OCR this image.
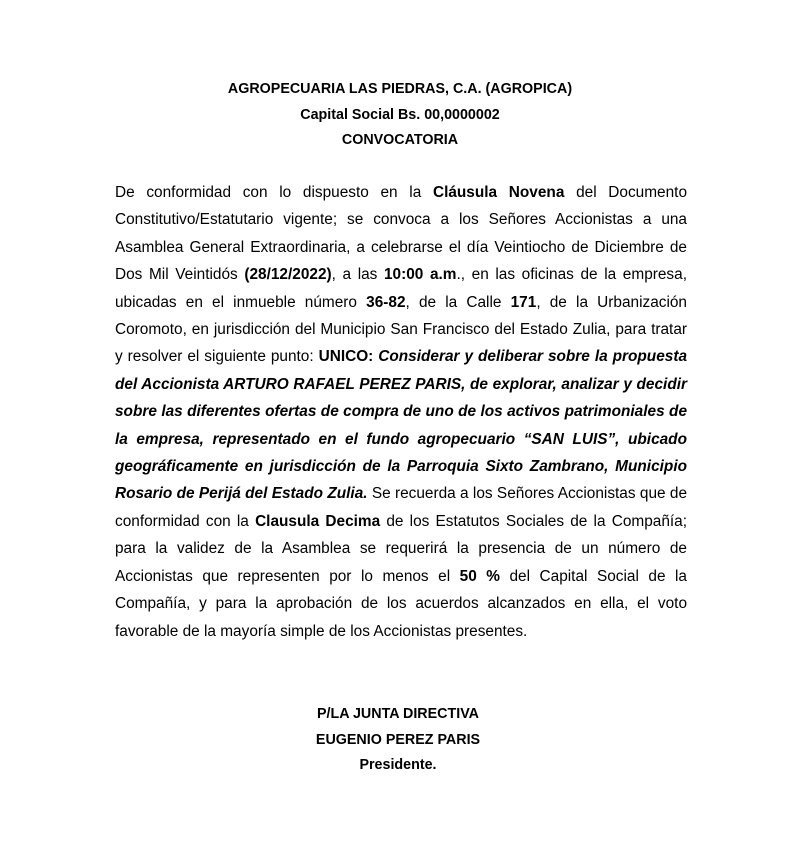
AGROPECUARIA LAS PIEDRAS, C.A. (AGROPICA)
Capital Social Bs. 00,0000002
CONVOCATORIA
De conformidad con lo dispuesto en la Cláusula Novena del Documento Constitutivo/Estatutario vigente; se convoca a los Señores Accionistas a una Asamblea General Extraordinaria, a celebrarse el día Veintiocho de Diciembre de Dos Mil Veintidós (28/12/2022), a las 10:00 a.m., en las oficinas de la empresa, ubicadas en el inmueble número 36-82, de la Calle 171, de la Urbanización Coromoto, en jurisdicción del Municipio San Francisco del Estado Zulia, para tratar y resolver el siguiente punto: UNICO: Considerar y deliberar sobre la propuesta del Accionista ARTURO RAFAEL PEREZ PARIS, de explorar, analizar y decidir sobre las diferentes ofertas de compra de uno de los activos patrimoniales de la empresa, representado en el fundo agropecuario “SAN LUIS”, ubicado geográficamente en jurisdicción de la Parroquia Sixto Zambrano, Municipio Rosario de Perijá del Estado Zulia. Se recuerda a los Señores Accionistas que de conformidad con la Clausula Decima de los Estatutos Sociales de la Compañía; para la validez de la Asamblea se requerirá la presencia de un número de Accionistas que representen por lo menos el 50 % del Capital Social de la Compañía, y para la aprobación de los acuerdos alcanzados en ella, el voto favorable de la mayoría simple de los Accionistas presentes.
P/LA JUNTA DIRECTIVA
EUGENIO PEREZ PARIS
Presidente.
